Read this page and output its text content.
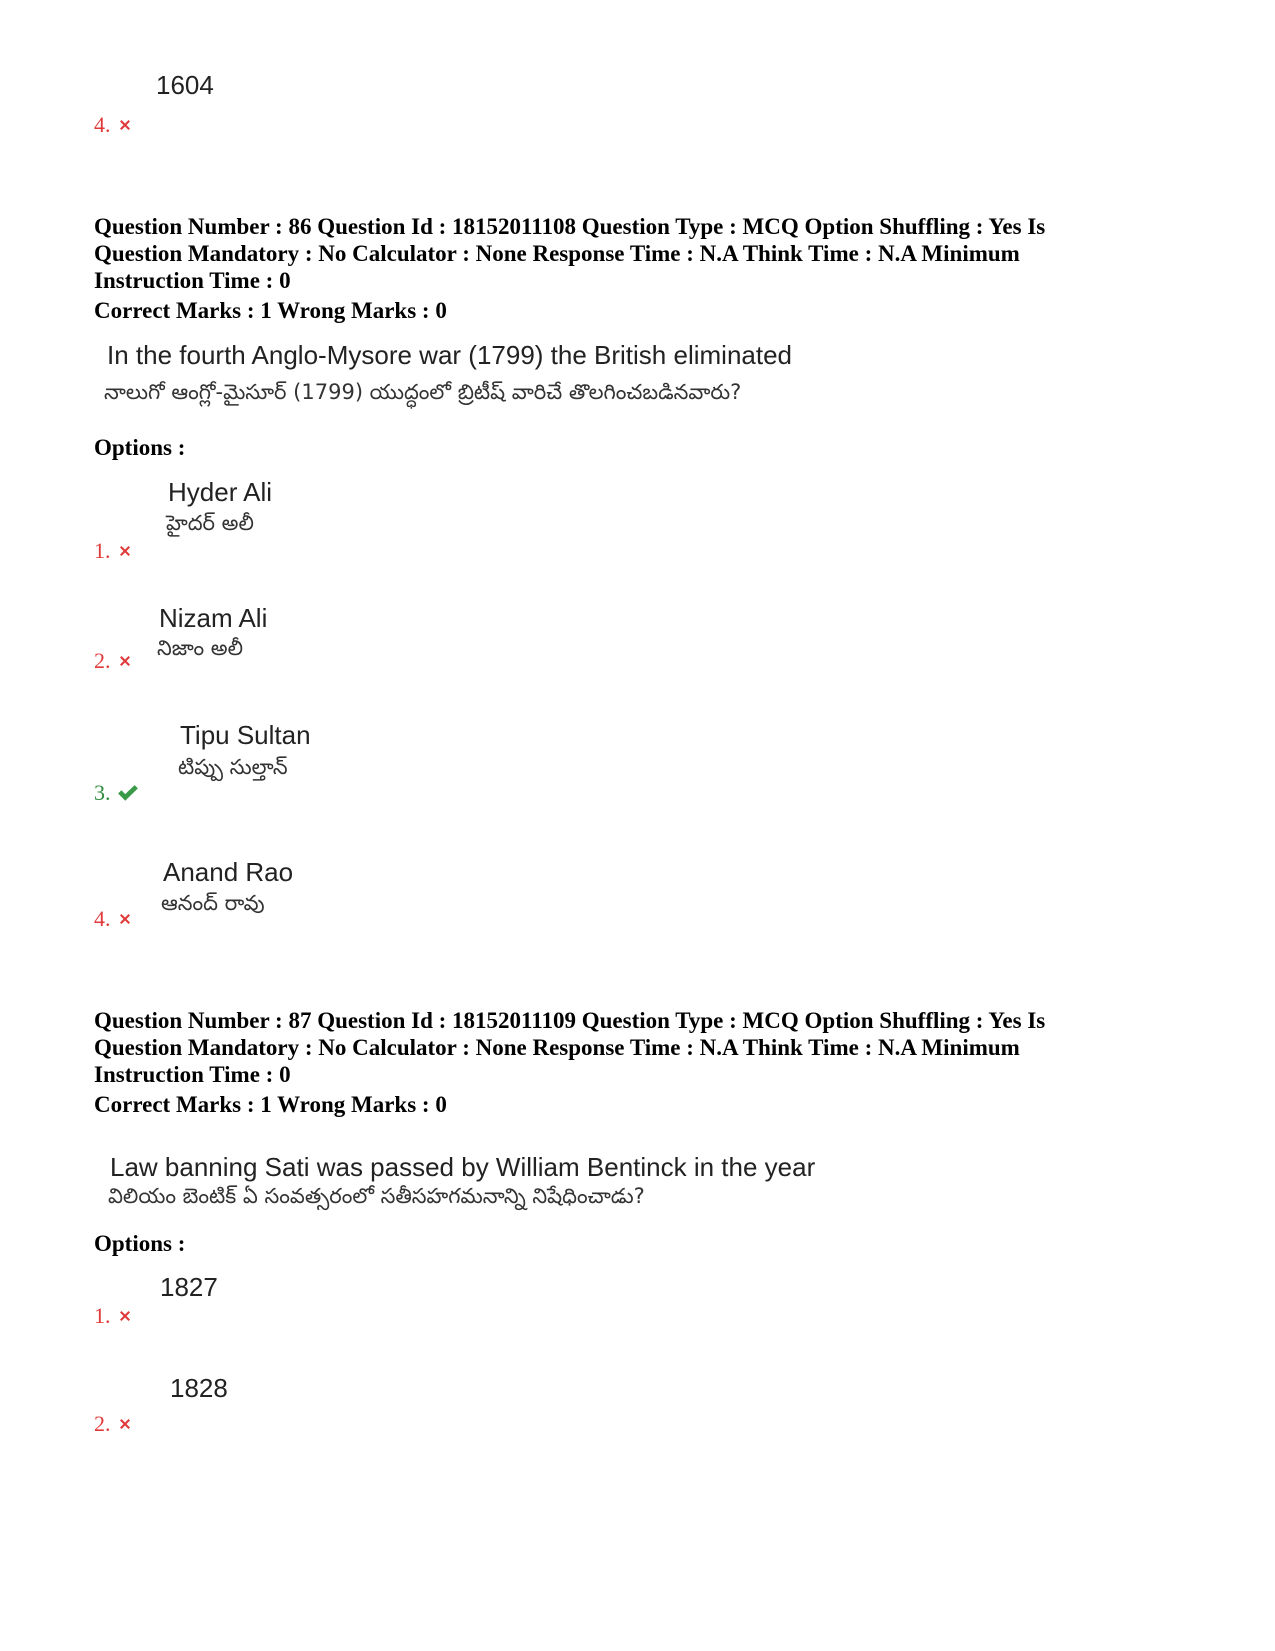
1604
4.
Question Number : 86 Question Id : 18152011108 Question Type : MCQ Option Shuffling : Yes Is Question Mandatory : No Calculator : None Response Time : N.A Think Time : N.A Minimum Instruction Time : 0
Correct Marks : 1 Wrong Marks : 0
In the fourth Anglo-Mysore war (1799) the British eliminated
నాలుగో ఆంగ్లో-మైసూర్ (1799) యుద్ధంలో బ్రిటీష్ వారిచే తొలగించబడినవారు?
Options :
Hyder Ali
హైదర్ అలీ
1.
Nizam Ali
నిజాం అలీ
2.
Tipu Sultan
టిప్పు సుల్తాన్
3.
Anand Rao
ఆనంద్ రావు
4.
Question Number : 87 Question Id : 18152011109 Question Type : MCQ Option Shuffling : Yes Is Question Mandatory : No Calculator : None Response Time : N.A Think Time : N.A Minimum Instruction Time : 0
Correct Marks : 1 Wrong Marks : 0
Law banning Sati was passed by William Bentinck in the year
విలియం బెంటిక్ ఏ సంవత్సరంలో సతీసహగమనాన్ని నిషేధించాడు?
Options :
1827
1.
1828
2.
